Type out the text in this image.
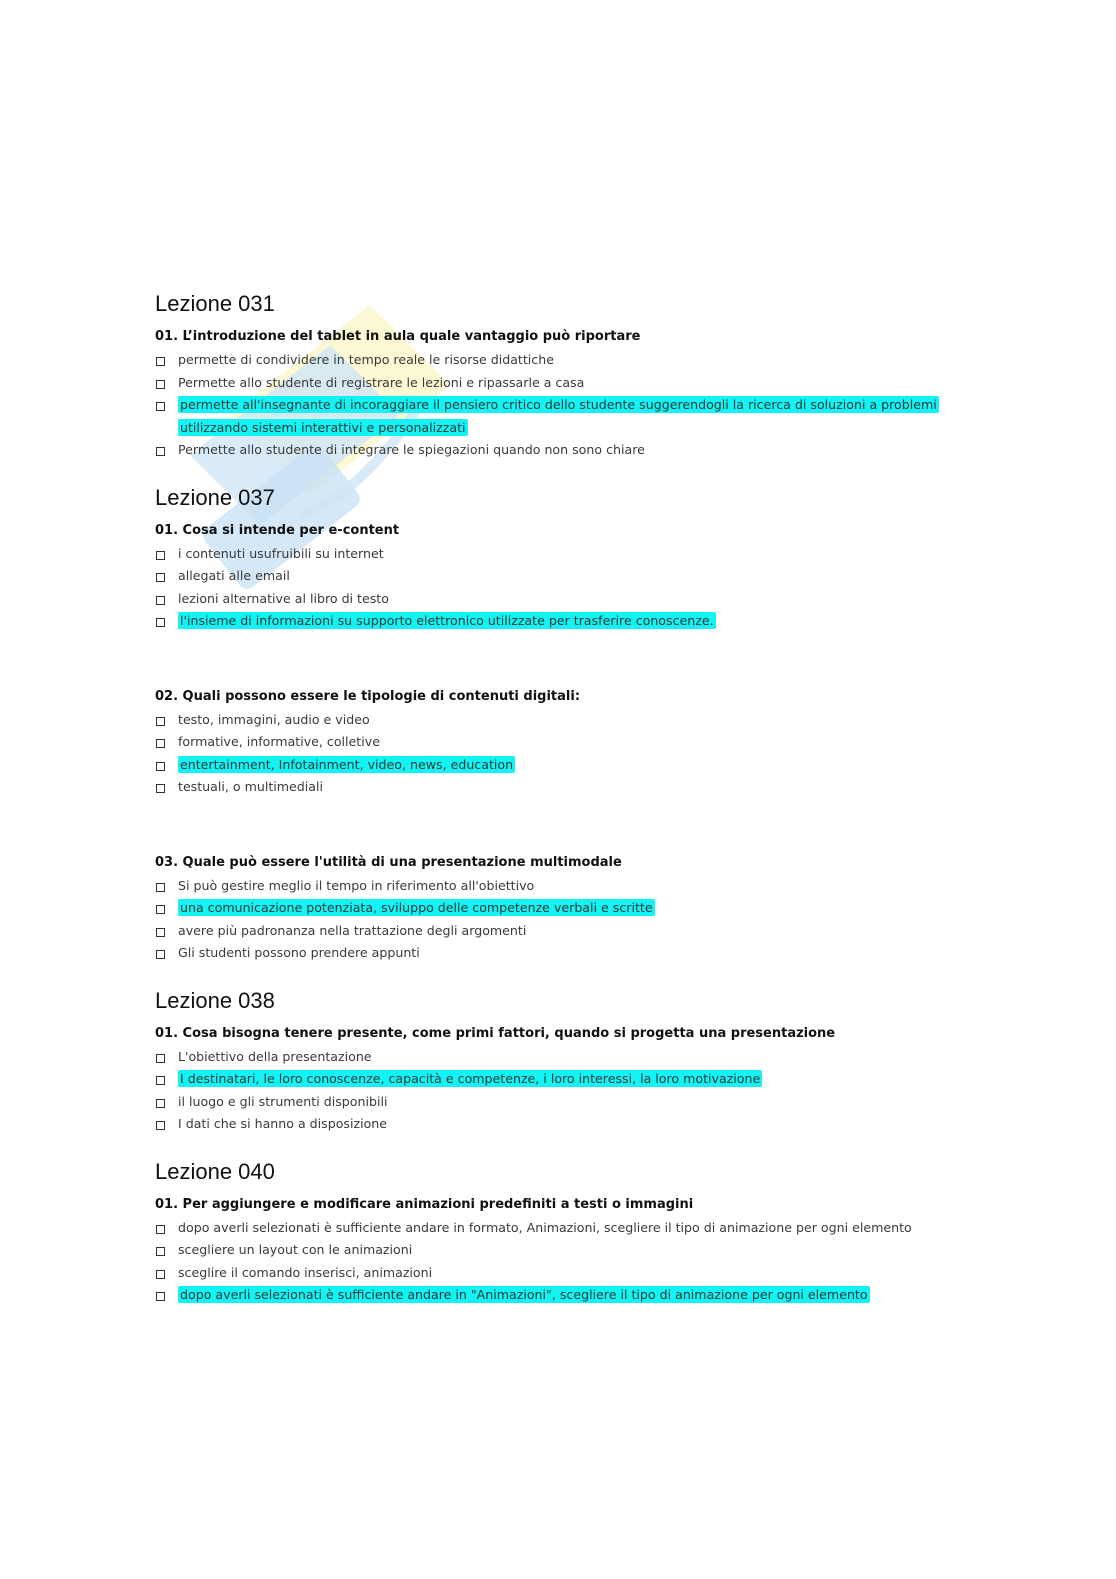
Lezione 031
01. L’introduzione del tablet in aula quale vantaggio può riportare
permette di condividere in tempo reale le risorse didattiche
Permette allo studente di registrare le lezioni e ripassarle a casa
permette all'insegnante di incoraggiare il pensiero critico dello studente suggerendogli la ricerca di soluzioni a problemi utilizzando sistemi interattivi e personalizzati
Permette allo studente di integrare le spiegazioni quando non sono chiare
Lezione 037
01. Cosa si intende per e-content
i contenuti usufruibili su internet
allegati alle email
lezioni alternative al libro di testo
l'insieme di informazioni su supporto elettronico utilizzate per trasferire conoscenze.
02. Quali possono essere le tipologie di contenuti digitali:
testo, immagini, audio e video
formative, informative, colletive
entertainment, Infotainment, video, news, education
testuali, o multimediali
03. Quale può essere l'utilità di una presentazione multimodale
Si può gestire meglio il tempo in riferimento all'obiettivo
una comunicazione potenziata, sviluppo delle competenze verbali e scritte
avere più padronanza nella trattazione degli argomenti
Gli studenti possono prendere appunti
Lezione 038
01. Cosa bisogna tenere presente, come primi fattori, quando si progetta una presentazione
L'obiettivo della presentazione
I destinatari, le loro conoscenze, capacità e competenze, i loro interessi, la loro motivazione
il luogo e gli strumenti disponibili
I dati che si hanno a disposizione
Lezione 040
01. Per aggiungere e modificare animazioni predefiniti a testi o immagini
dopo averli selezionati è sufficiente andare in formato, Animazioni, scegliere il tipo di animazione per ogni elemento
scegliere un layout con le animazioni
sceglire il comando inserisci, animazioni
dopo averli selezionati è sufficiente andare in "Animazioni", scegliere il tipo di animazione per ogni elemento
